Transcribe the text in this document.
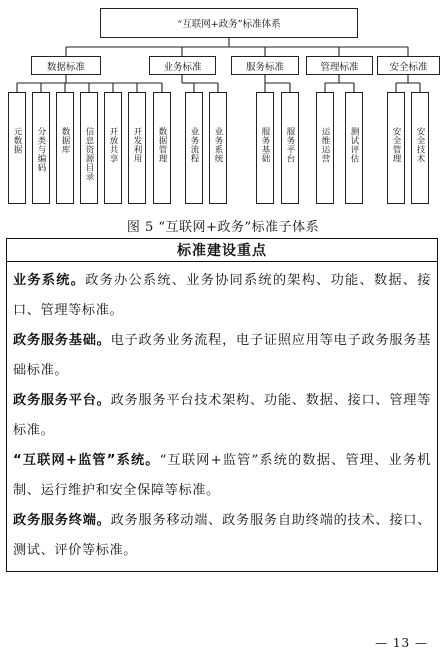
“互联网+政务”标准体系
数据标准	业务标准	服务标准	管理标准	安全标准
元数据 分类与编码 数据库 信息资源目录 开放共享 开发利用 数据管理	业务流程 业务系统	服务基础 服务平台	运维运营 测试评估	安全管理 安全技术
图 5 “互联网+政务”标准子体系
标准建设重点

业务系统。政务办公系统、业务协同系统的架构、功能、数据、接口、管理等标准。

政务服务基础。电子政务业务流程，电子证照应用等电子政务服务基础标准。

政务服务平台。政务服务平台技术架构、功能、数据、接口、管理等标准。

“互联网+监管”系统。“互联网+监管”系统的数据、管理、业务机制、运行维护和安全保障等标准。

政务服务终端。政务服务移动端、政务服务自助终端的技术、接口、测试、评价等标准。

— 13 —
